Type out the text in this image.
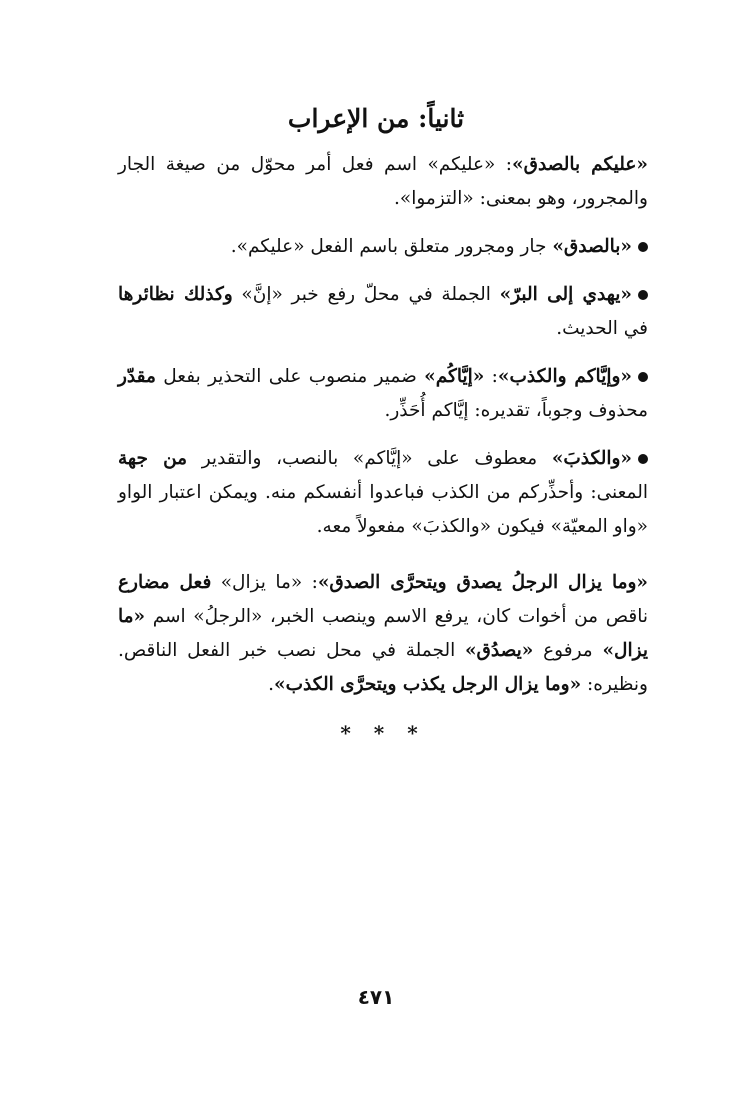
ثانياً: من الإعراب

«عليكم بالصدق»: «عليكم» اسم فعل أمر محوّل من صيغة الجار والمجرور، وهو بمعنى: «التزموا».

«بالصدق» جار ومجرور متعلق باسم الفعل «عليكم».

«يهدي إلى البرّ» الجملة في محلّ رفع خبر «إنَّ» وكذلك نظائرها في الحديث.

«وإيَّاكم والكذب»: «إيَّاكُم» ضمير منصوب على التحذير بفعل مقدّر محذوف وجوباً، تقديره: إيَّاكم أُحَذِّر.

«والكذبَ» معطوف على «إيَّاكم» بالنصب، والتقدير من جهة المعنى: وأحذِّركم من الكذب فباعدوا أنفسكم منه. ويمكن اعتبار الواو «واو المعيّة» فيكون «والكذبَ» مفعولاً معه.

«وما يزال الرجلُ يصدق ويتحرَّى الصدق»: «ما يزال» فعل مضارع ناقص من أخوات كان، يرفع الاسم وينصب الخبر، «الرجلُ» اسم «ما يزال» مرفوع «يصدُق» الجملة في محل نصب خبر الفعل الناقص. ونظيره: «وما يزال الرجل يكذب ويتحرَّى الكذب».

* * *
٤٧١
